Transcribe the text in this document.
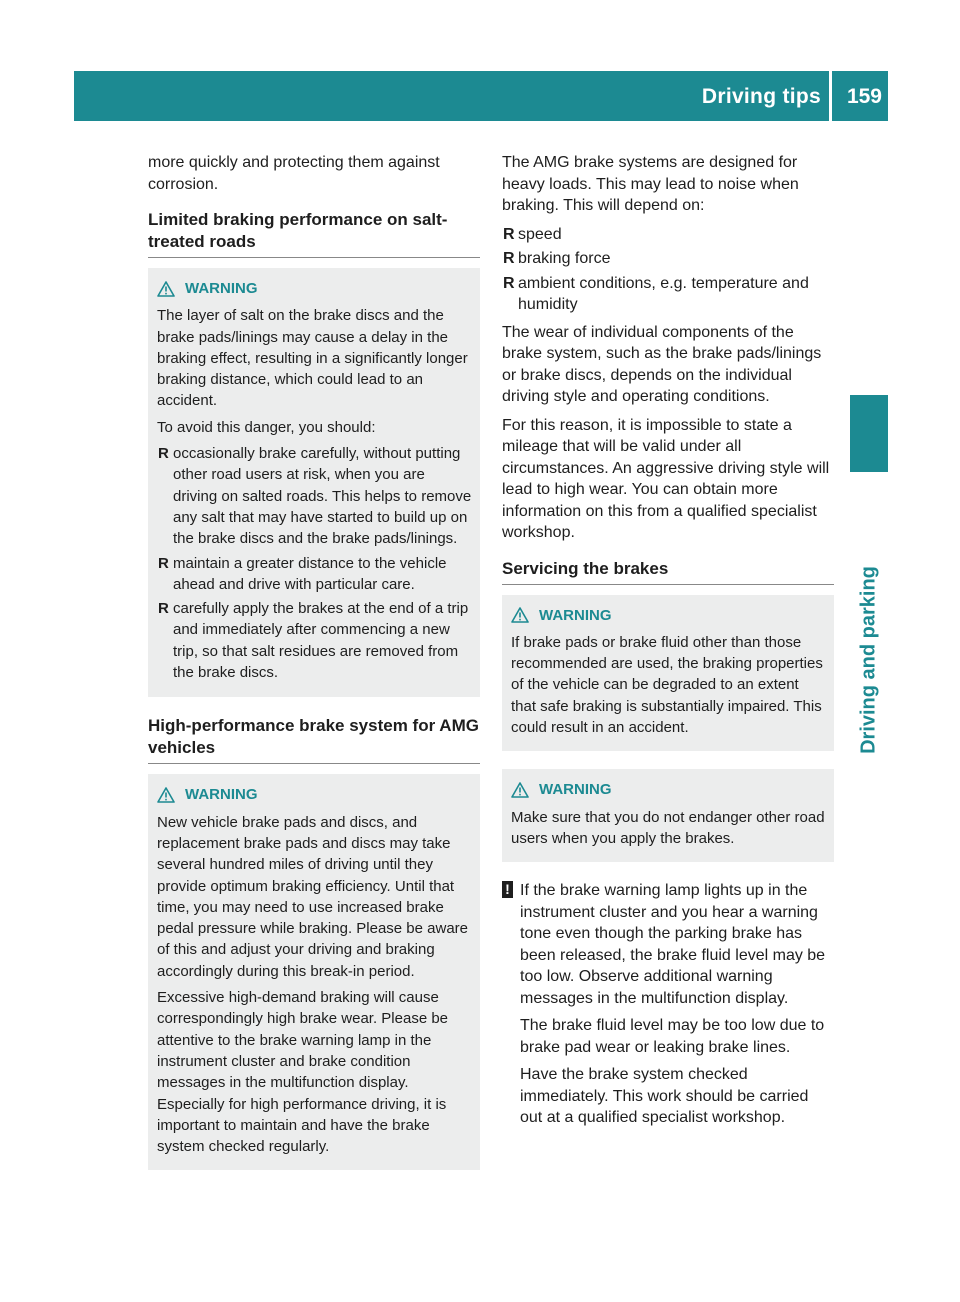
Driving tips 159
Driving and parking

more quickly and protecting them against corrosion.

Limited braking performance on salt-treated roads
WARNING

The layer of salt on the brake discs and the brake pads/linings may cause a delay in the braking effect, resulting in a significantly longer braking distance, which could lead to an accident.

To avoid this danger, you should:

R occasionally brake carefully, without putting other road users at risk, when you are driving on salted roads. This helps to remove any salt that may have started to build up on the brake discs and the brake pads/linings.
R maintain a greater distance to the vehicle ahead and drive with particular care.
R carefully apply the brakes at the end of a trip and immediately after commencing a new trip, so that salt residues are removed from the brake discs.
High-performance brake system for AMG vehicles
WARNING

New vehicle brake pads and discs, and replacement brake pads and discs may take several hundred miles of driving until they provide optimum braking efficiency. Until that time, you may need to use increased brake pedal pressure while braking. Please be aware of this and adjust your driving and braking accordingly during this break-in period.

Excessive high-demand braking will cause correspondingly high brake wear. Please be attentive to the brake warning lamp in the instrument cluster and brake condition messages in the multifunction display. Especially for high performance driving, it is important to maintain and have the brake system checked regularly.

The AMG brake systems are designed for heavy loads. This may lead to noise when braking. This will depend on:

R speed
R braking force
R ambient conditions, e.g. temperature and humidity

The wear of individual components of the brake system, such as the brake pads/linings or brake discs, depends on the individual driving style and operating conditions.

For this reason, it is impossible to state a mileage that will be valid under all circumstances. An aggressive driving style will lead to high wear. You can obtain more information on this from a qualified specialist workshop.

Servicing the brakes
WARNING

If brake pads or brake fluid other than those recommended are used, the braking properties of the vehicle can be degraded to an extent that safe braking is substantially impaired. This could result in an accident.

WARNING

Make sure that you do not endanger other road users when you apply the brakes.

! If the brake warning lamp lights up in the instrument cluster and you hear a warning tone even though the parking brake has been released, the brake fluid level may be too low. Observe additional warning messages in the multifunction display.

The brake fluid level may be too low due to brake pad wear or leaking brake lines.

Have the brake system checked immediately. This work should be carried out at a qualified specialist workshop.
